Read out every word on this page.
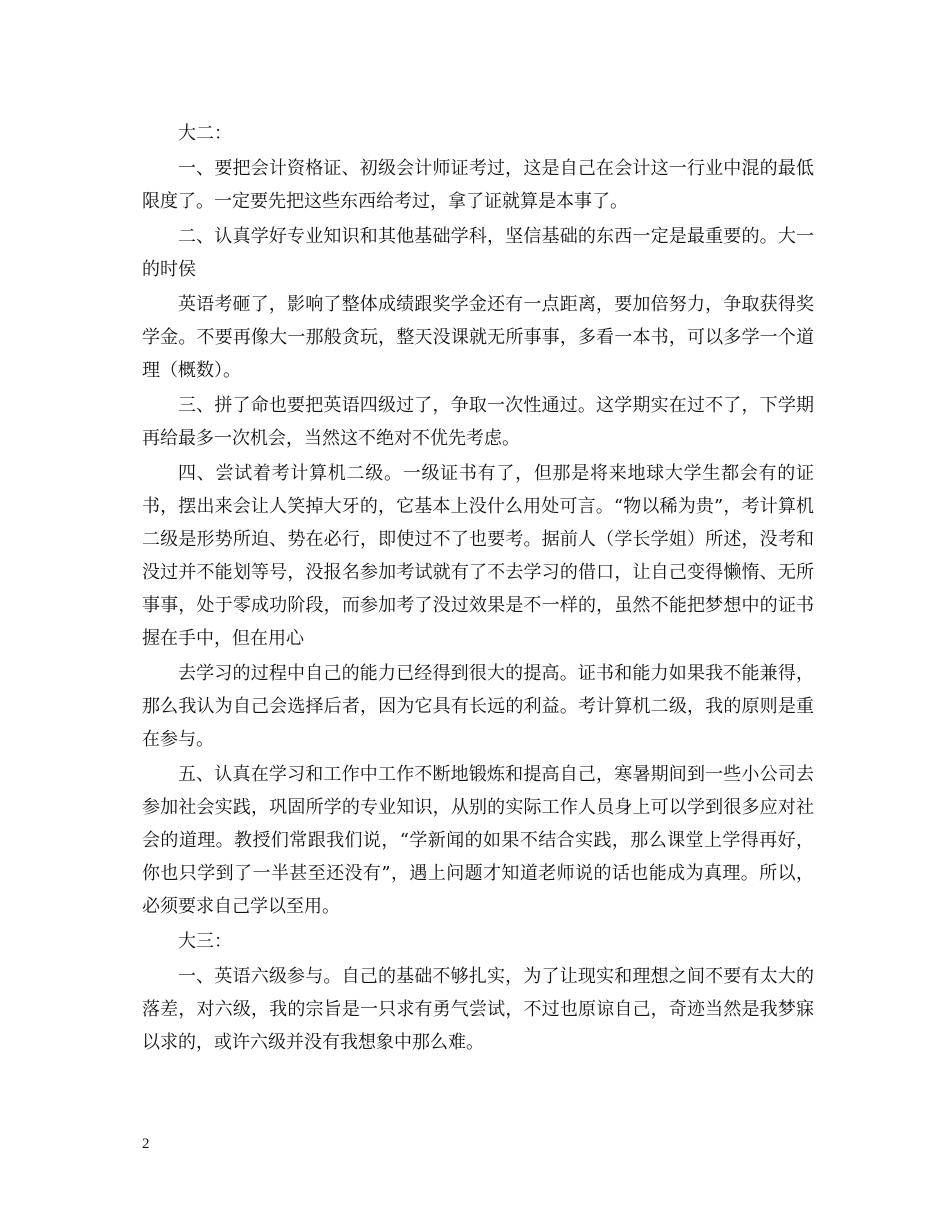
大二：

一、要把会计资格证、初级会计师证考过，这是自己在会计这一行业中混的最低限度了。一定要先把这些东西给考过，拿了证就算是本事了。

二、认真学好专业知识和其他基础学科，坚信基础的东西一定是最重要的。大一的时侯

英语考砸了，影响了整体成绩跟奖学金还有一点距离，要加倍努力，争取获得奖学金。不要再像大一那般贪玩，整天没课就无所事事，多看一本书，可以多学一个道理（概数）。

三、拼了命也要把英语四级过了，争取一次性通过。这学期实在过不了，下学期再给最多一次机会，当然这不绝对不优先考虑。

四、尝试着考计算机二级。一级证书有了，但那是将来地球大学生都会有的证书，摆出来会让人笑掉大牙的，它基本上没什么用处可言。“物以稀为贵”，考计算机二级是形势所迫、势在必行，即使过不了也要考。据前人（学长学姐）所述，没考和没过并不能划等号，没报名参加考试就有了不去学习的借口，让自己变得懒惰、无所事事，处于零成功阶段，而参加考了没过效果是不一样的，虽然不能把梦想中的证书握在手中，但在用心

去学习的过程中自己的能力已经得到很大的提高。证书和能力如果我不能兼得，那么我认为自己会选择后者，因为它具有长远的利益。考计算机二级，我的原则是重在参与。

五、认真在学习和工作中工作不断地锻炼和提高自己，寒暑期间到一些小公司去参加社会实践，巩固所学的专业知识，从别的实际工作人员身上可以学到很多应对社会的道理。教授们常跟我们说，“学新闻的如果不结合实践，那么课堂上学得再好，你也只学到了一半甚至还没有”，遇上问题才知道老师说的话也能成为真理。所以，必须要求自己学以至用。

大三：

一、英语六级参与。自己的基础不够扎实，为了让现实和理想之间不要有太大的落差，对六级，我的宗旨是一只求有勇气尝试，不过也原谅自己，奇迹当然是我梦寐以求的，或许六级并没有我想象中那么难。

2
